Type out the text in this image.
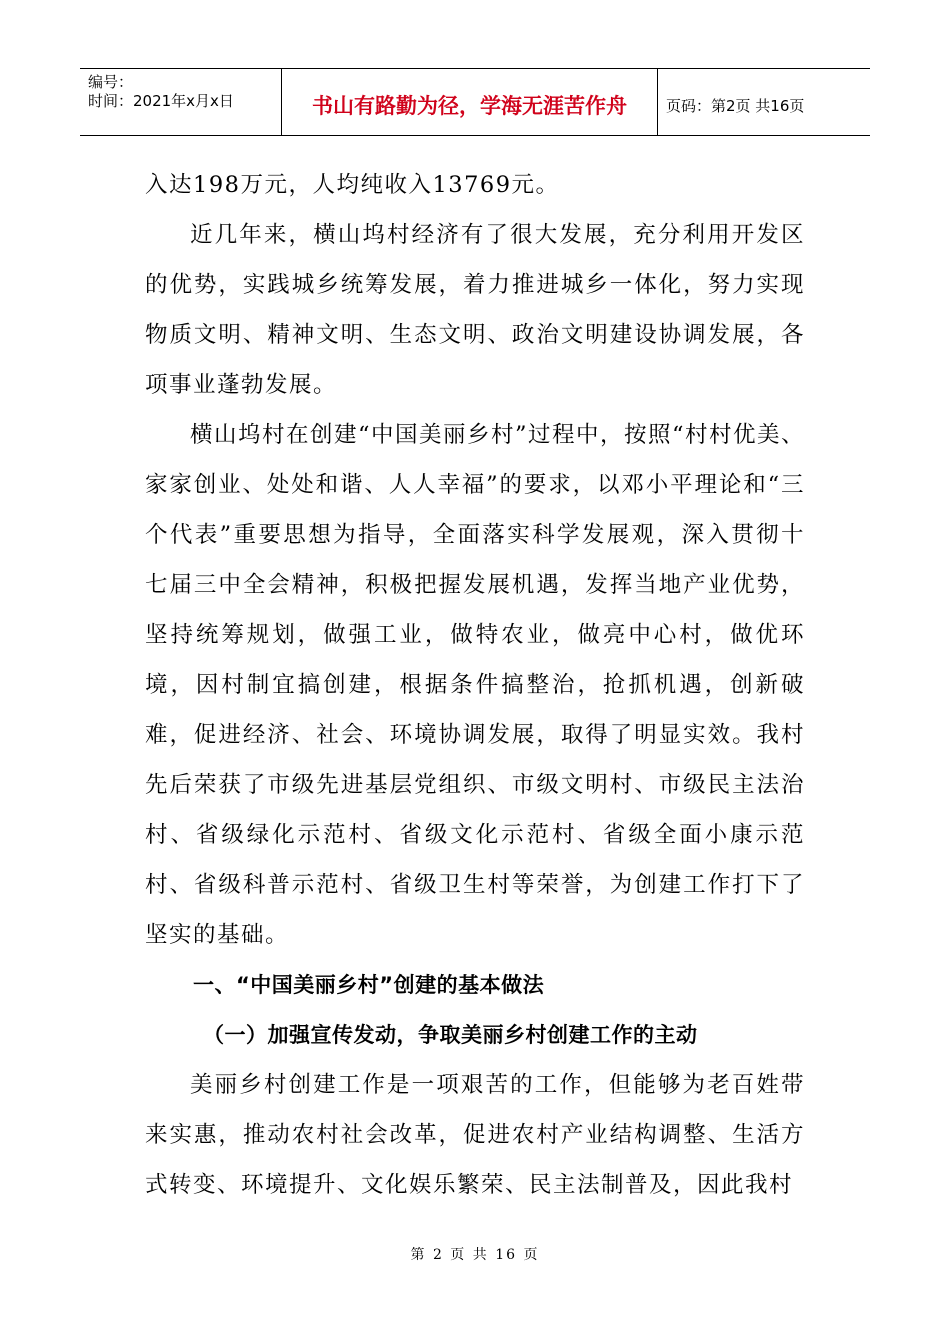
编号：
时间：2021年x月x日	书山有路勤为径，学海无涯苦作舟	页码：第2页 共16页

入达198万元，人均纯收入13769元。

近几年来，横山坞村经济有了很大发展，充分利用开发区的优势，实践城乡统筹发展，着力推进城乡一体化，努力实现物质文明、精神文明、生态文明、政治文明建设协调发展，各项事业蓬勃发展。

横山坞村在创建“中国美丽乡村”过程中，按照“村村优美、家家创业、处处和谐、人人幸福”的要求，以邓小平理论和“三个代表”重要思想为指导，全面落实科学发展观，深入贯彻十七届三中全会精神，积极把握发展机遇，发挥当地产业优势，坚持统筹规划，做强工业，做特农业，做亮中心村，做优环境，因村制宜搞创建，根据条件搞整治，抢抓机遇，创新破难，促进经济、社会、环境协调发展，取得了明显实效。我村先后荣获了市级先进基层党组织、市级文明村、市级民主法治村、省级绿化示范村、省级文化示范村、省级全面小康示范村、省级科普示范村、省级卫生村等荣誉，为创建工作打下了坚实的基础。

一、“中国美丽乡村”创建的基本做法

（一）加强宣传发动，争取美丽乡村创建工作的主动

美丽乡村创建工作是一项艰苦的工作，但能够为老百姓带来实惠，推动农村社会改革，促进农村产业结构调整、生活方式转变、环境提升、文化娱乐繁荣、民主法制普及，因此我村

第 2 页 共 16 页
